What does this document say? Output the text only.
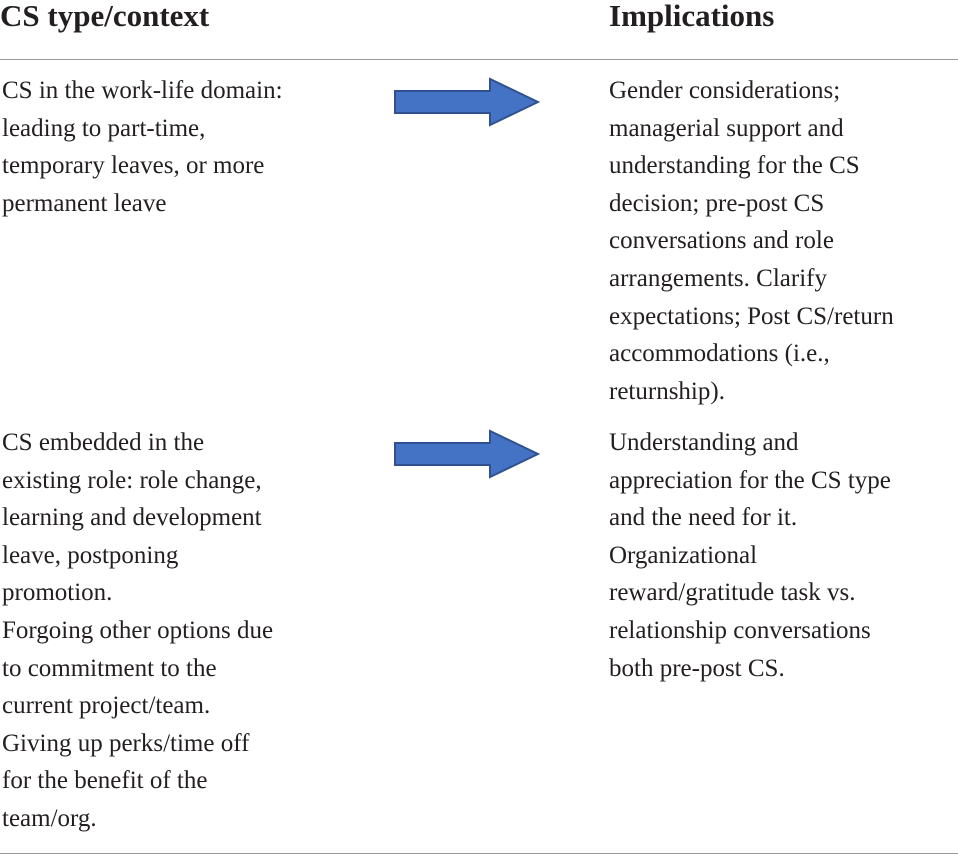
CS type/context	Implications
CS in the work-life domain:
leading to part-time,
temporary leaves, or more
permanent leave
Gender considerations;
managerial support and
understanding for the CS
decision; pre-post CS
conversations and role
arrangements. Clarify
expectations; Post CS/return
accommodations (i.e.,
returnship).
CS embedded in the
existing role: role change,
learning and development
leave, postponing
promotion.
Forgoing other options due
to commitment to the
current project/team.
Giving up perks/time off
for the benefit of the
team/org.
Understanding and
appreciation for the CS type
and the need for it.
Organizational
reward/gratitude task vs.
relationship conversations
both pre-post CS.
